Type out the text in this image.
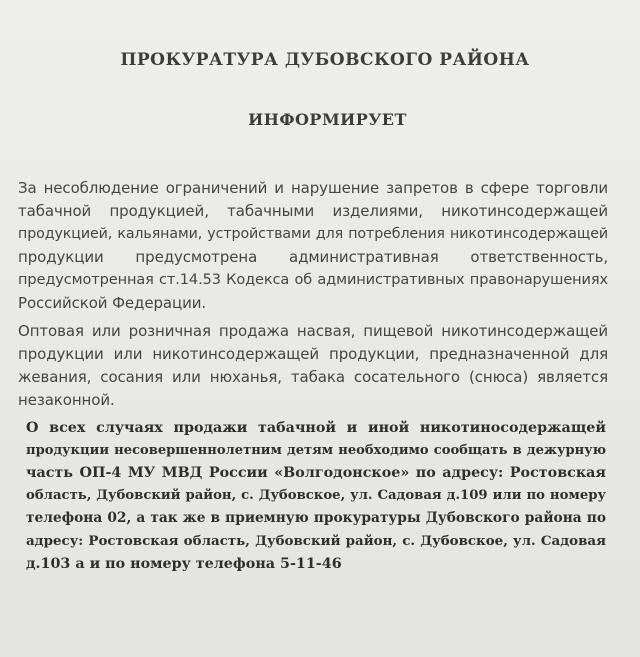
ПРОКУРАТУРА ДУБОВСКОГО РАЙОНА
ИНФОРМИРУЕТ
За несоблюдение ограничений и нарушение запретов в сфере торговли
табачной продукцией, табачными изделиями, никотинсодержащей
продукцией, кальянами, устройствами для потребления никотинсодержащей
продукции предусмотрена административная ответственность,
предусмотренная ст.14.53 Кодекса об административных правонарушениях
Российской Федерации.
Оптовая или розничная продажа насвая, пищевой никотинсодержащей
продукции или никотинсодержащей продукции, предназначенной для
жевания, сосания или нюханья, табака сосательного (снюса) является
незаконной.
О всех случаях продажи табачной и иной никотиносодержащей
продукции несовершеннолетним детям необходимо сообщать в дежурную
часть ОП-4 МУ МВД России «Волгодонское» по адресу: Ростовская
область, Дубовский район, с. Дубовское, ул. Садовая д.109 или по номеру
телефона 02, а так же в приемную прокуратуры Дубовского района по
адресу: Ростовская область, Дубовский район, с. Дубовское, ул. Садовая
д.103 а и по номеру телефона 5-11-46
